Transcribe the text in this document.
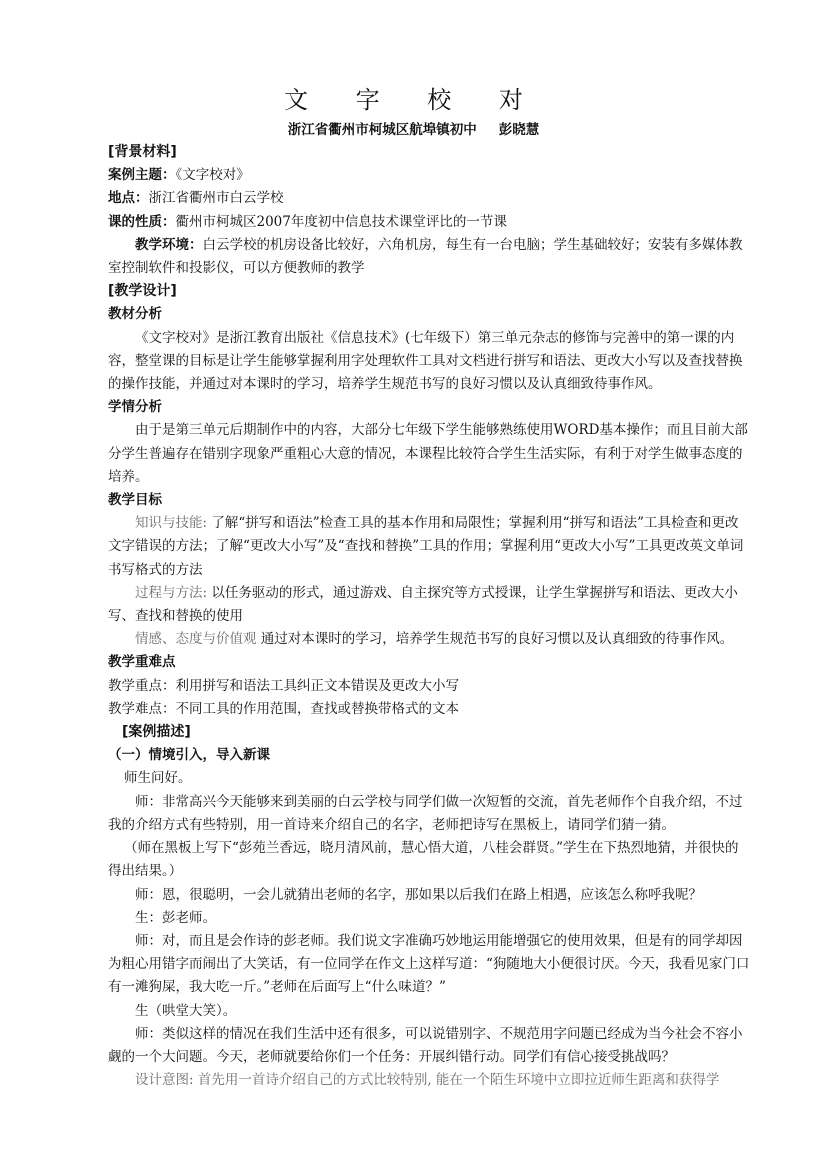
文 字 校 对
浙江省衢州市柯城区航埠镇初中 彭晓慧

[背景材料]

案例主题：《文字校对》

地点：浙江省衢州市白云学校

课的性质：衢州市柯城区2007年度初中信息技术课堂评比的一节课

教学环境：白云学校的机房设备比较好，六角机房，每生有一台电脑；学生基础较好；安装有多媒体教室控制软件和投影仪，可以方便教师的教学

[教学设计]

教材分析

《文字校对》是浙江教育出版社《信息技术》(七年级下）第三单元杂志的修饰与完善中的第一课的内容，整堂课的目标是让学生能够掌握利用字处理软件工具对文档进行拼写和语法、更改大小写以及查找替换的操作技能，并通过对本课时的学习，培养学生规范书写的良好习惯以及认真细致待事作风。

学情分析

由于是第三单元后期制作中的内容，大部分七年级下学生能够熟练使用WORD基本操作；而且目前大部分学生普遍存在错别字现象严重粗心大意的情况，本课程比较符合学生生活实际，有利于对学生做事态度的培养。

教学目标

知识与技能: 了解“拼写和语法”检查工具的基本作用和局限性；掌握利用“拼写和语法”工具检查和更改文字错误的方法；了解“更改大小写”及“查找和替换”工具的作用；掌握利用“更改大小写”工具更改英文单词书写格式的方法

过程与方法: 以任务驱动的形式，通过游戏、自主探究等方式授课，让学生掌握拼写和语法、更改大小写、查找和替换的使用

情感、态度与价值观 通过对本课时的学习，培养学生规范书写的良好习惯以及认真细致的待事作风。

教学重难点

教学重点：利用拼写和语法工具纠正文本错误及更改大小写

教学难点：不同工具的作用范围，查找或替换带格式的文本

[案例描述]

（一）情境引入，导入新课

师生问好。

师：非常高兴今天能够来到美丽的白云学校与同学们做一次短暂的交流，首先老师作个自我介绍，不过我的介绍方式有些特别，用一首诗来介绍自己的名字，老师把诗写在黑板上，请同学们猜一猜。

（师在黑板上写下“彭苑兰香远，晓月清风前，慧心悟大道，八桂会群贤。”学生在下热烈地猜，并很快的得出结果。）

师：恩，很聪明，一会儿就猜出老师的名字，那如果以后我们在路上相遇，应该怎么称呼我呢？

生：彭老师。

师：对，而且是会作诗的彭老师。我们说文字准确巧妙地运用能增强它的使用效果，但是有的同学却因为粗心用错字而闹出了大笑话，有一位同学在作文上这样写道：“狗随地大小便很讨厌。今天，我看见家门口有一滩狗屎，我大吃一斤。”老师在后面写上“什么味道？”

生（哄堂大笑）。

师：类似这样的情况在我们生活中还有很多，可以说错别字、不规范用字问题已经成为当今社会不容小觑的一个大问题。今天，老师就要给你们一个任务：开展纠错行动。同学们有信心接受挑战吗？

设计意图: 首先用一首诗介绍自己的方式比较特别, 能在一个陌生环境中立即拉近师生距离和获得学
